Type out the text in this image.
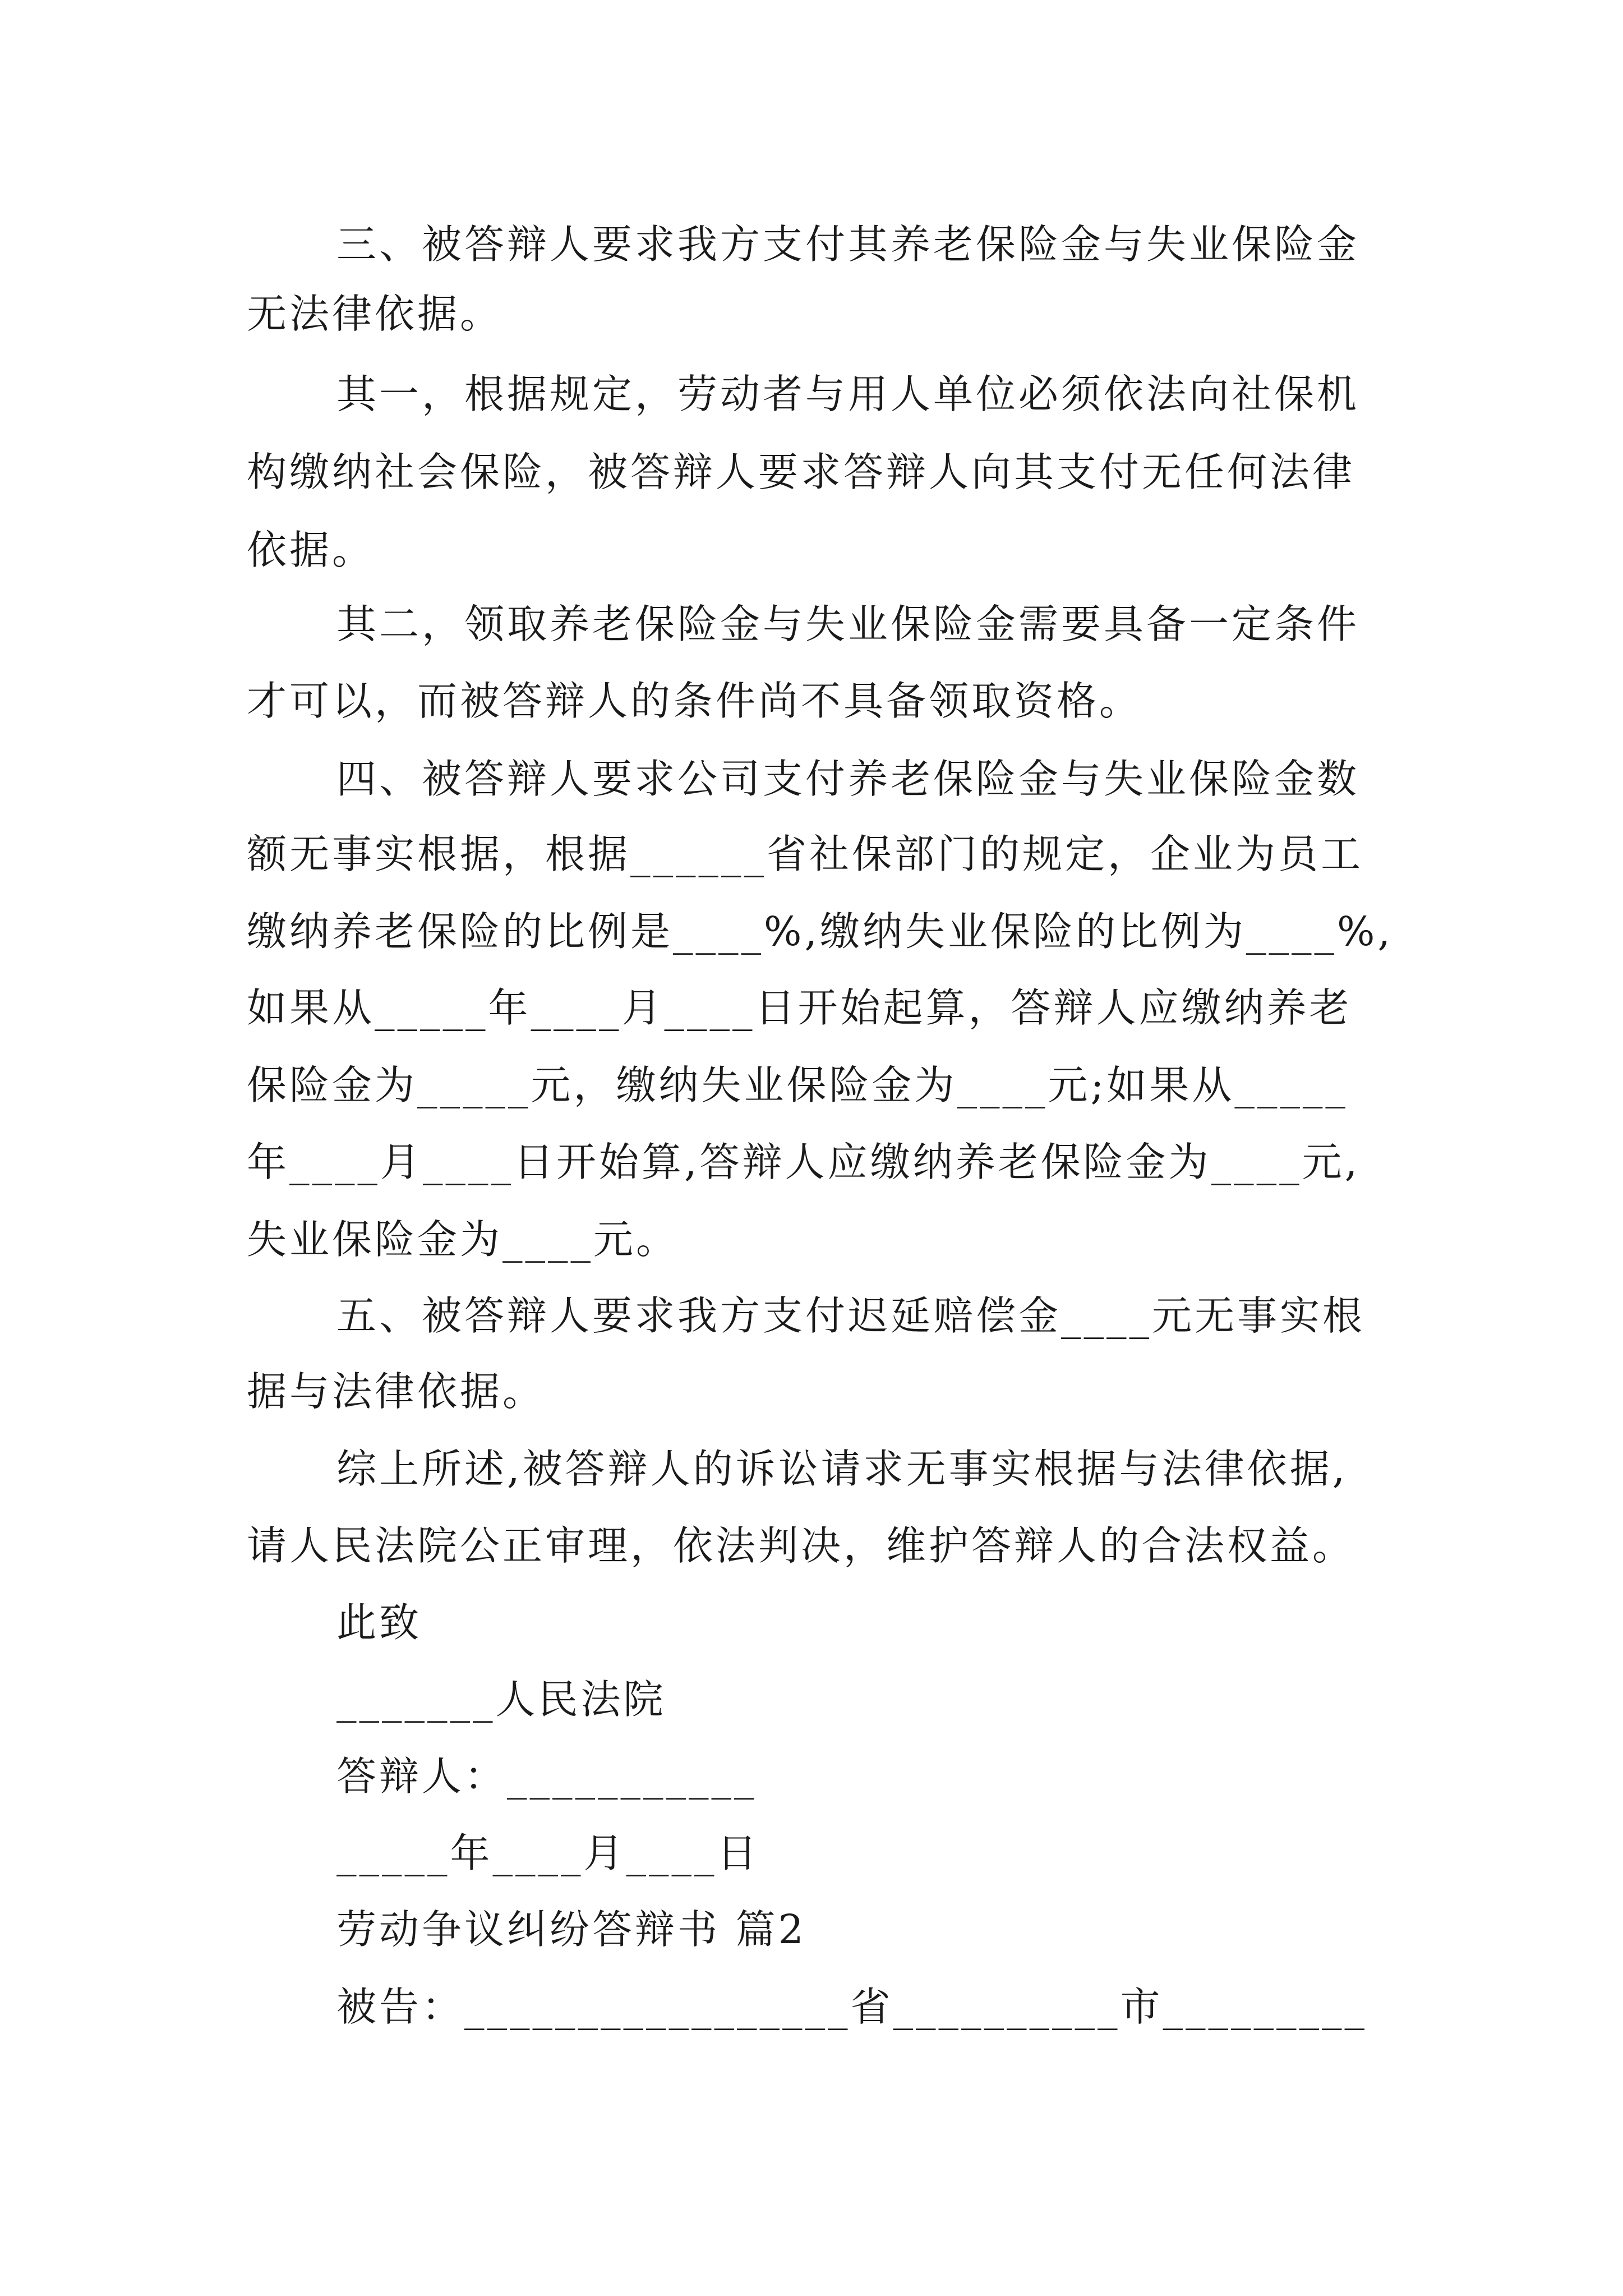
三、被答辩人要求我方支付其养老保险金与失业保险金
无法律依据。
其一，根据规定，劳动者与用人单位必须依法向社保机
构缴纳社会保险，被答辩人要求答辩人向其支付无任何法律
依据。
其二，领取养老保险金与失业保险金需要具备一定条件
才可以，而被答辩人的条件尚不具备领取资格。
四、被答辩人要求公司支付养老保险金与失业保险金数
额无事实根据，根据______省社保部门的规定，企业为员工
缴纳养老保险的比例是____%,缴纳失业保险的比例为____%,
如果从_____年____月____日开始起算，答辩人应缴纳养老
保险金为_____元，缴纳失业保险金为____元;如果从_____
年____月____日开始算,答辩人应缴纳养老保险金为____元,
失业保险金为____元。
五、被答辩人要求我方支付迟延赔偿金____元无事实根
据与法律依据。
综上所述,被答辩人的诉讼请求无事实根据与法律依据,
请人民法院公正审理，依法判决，维护答辩人的合法权益。
此致
_______人民法院
答辩人：___________
_____年____月____日
劳动争议纠纷答辩书 篇2
被告：_________________省__________市_________
